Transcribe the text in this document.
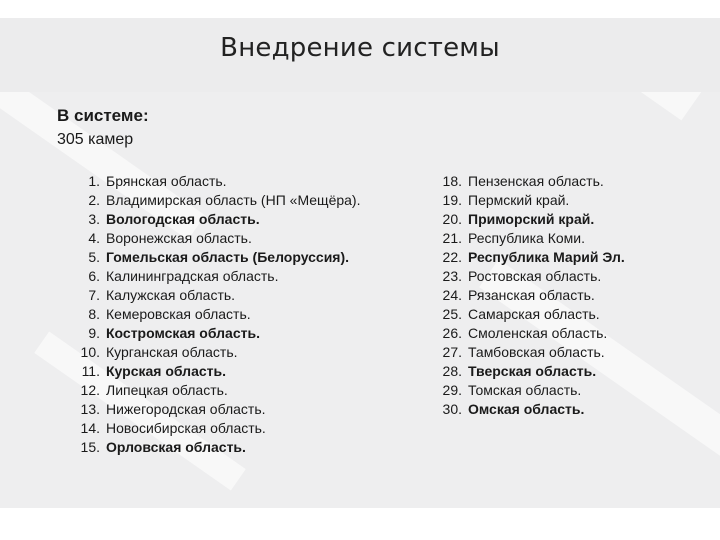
Внедрение системы
В системе:
305 камер
1. Брянская область.
2. Владимирская область (НП «Мещёра).
3. Вологодская область.
4. Воронежская область.
5. Гомельская область (Белоруссия).
6. Калининградская область.
7. Калужская область.
8. Кемеровская область.
9. Костромская область.
10. Курганская область.
11. Курская область.
12. Липецкая область.
13. Нижегородская область.
14. Новосибирская область.
15. Орловская область.
18. Пензенская область.
19. Пермский край.
20. Приморский край.
21. Республика Коми.
22. Республика Марий Эл.
23. Ростовская область.
24. Рязанская область.
25. Самарская область.
26. Смоленская область.
27. Тамбовская область.
28. Тверская область.
29. Томская область.
30. Омская область.
